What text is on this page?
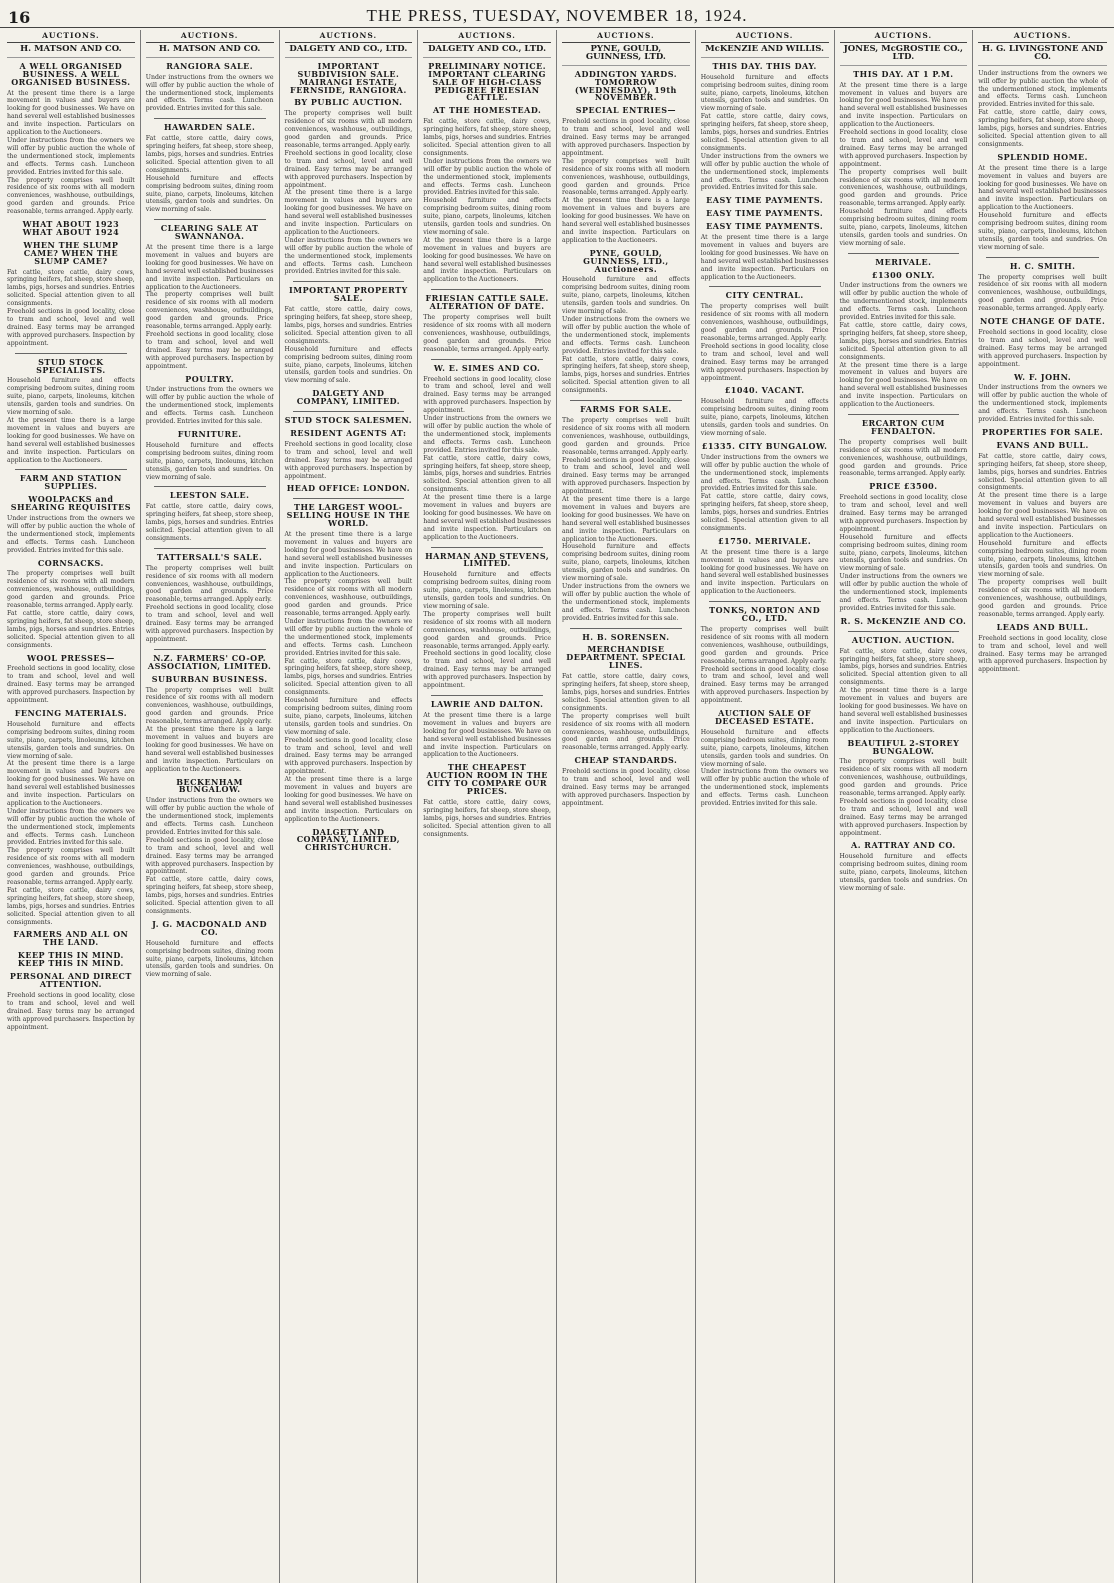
16	THE PRESS, TUESDAY, NOVEMBER 18, 1924.
AUCTIONS.
H. MATSON AND CO.
A WELL ORGANISED BUSINESS. A WELL ORGANISED BUSINESS.
At the present time there is a large movement in values and buyers are looking for good businesses. We have on hand several well established businesses and invite inspection. Particulars on application to the Auctioneers.
Under instructions from the owners we will offer by public auction the whole of the undermentioned stock, implements and effects. Terms cash. Luncheon provided. Entries invited for this sale.
The property comprises well built residence of six rooms with all modern conveniences, washhouse, outbuildings, good garden and grounds. Price reasonable, terms arranged. Apply early.
WHAT ABOUT 1923 WHAT ABOUT 1924
WHEN THE SLUMP CAME? WHEN THE SLUMP CAME?
Fat cattle, store cattle, dairy cows, springing heifers, fat sheep, store sheep, lambs, pigs, horses and sundries. Entries solicited. Special attention given to all consignments.
Freehold sections in good locality, close to tram and school, level and well drained. Easy terms may be arranged with approved purchasers. Inspection by appointment.
STUD STOCK SPECIALISTS.
Household furniture and effects comprising bedroom suites, dining room suite, piano, carpets, linoleums, kitchen utensils, garden tools and sundries. On view morning of sale.
At the present time there is a large movement in values and buyers are looking for good businesses. We have on hand several well established businesses and invite inspection. Particulars on application to the Auctioneers.
FARM AND STATION SUPPLIES.
WOOLPACKS and SHEARING REQUISITES
Under instructions from the owners we will offer by public auction the whole of the undermentioned stock, implements and effects. Terms cash. Luncheon provided. Entries invited for this sale.
CORNSACKS.
The property comprises well built residence of six rooms with all modern conveniences, washhouse, outbuildings, good garden and grounds. Price reasonable, terms arranged. Apply early.
Fat cattle, store cattle, dairy cows, springing heifers, fat sheep, store sheep, lambs, pigs, horses and sundries. Entries solicited. Special attention given to all consignments.
WOOL PRESSES—
Freehold sections in good locality, close to tram and school, level and well drained. Easy terms may be arranged with approved purchasers. Inspection by appointment.
FENCING MATERIALS.
Household furniture and effects comprising bedroom suites, dining room suite, piano, carpets, linoleums, kitchen utensils, garden tools and sundries. On view morning of sale.
At the present time there is a large movement in values and buyers are looking for good businesses. We have on hand several well established businesses and invite inspection. Particulars on application to the Auctioneers.
Under instructions from the owners we will offer by public auction the whole of the undermentioned stock, implements and effects. Terms cash. Luncheon provided. Entries invited for this sale.
The property comprises well built residence of six rooms with all modern conveniences, washhouse, outbuildings, good garden and grounds. Price reasonable, terms arranged. Apply early.
Fat cattle, store cattle, dairy cows, springing heifers, fat sheep, store sheep, lambs, pigs, horses and sundries. Entries solicited. Special attention given to all consignments.
FARMERS AND ALL ON THE LAND.
KEEP THIS IN MIND. KEEP THIS IN MIND.
PERSONAL AND DIRECT ATTENTION.
Freehold sections in good locality, close to tram and school, level and well drained. Easy terms may be arranged with approved purchasers. Inspection by appointment.
AUCTIONS.
H. MATSON AND CO.
RANGIORA SALE.
Under instructions from the owners we will offer by public auction the whole of the undermentioned stock, implements and effects. Terms cash. Luncheon provided. Entries invited for this sale.
HAWARDEN SALE.
Fat cattle, store cattle, dairy cows, springing heifers, fat sheep, store sheep, lambs, pigs, horses and sundries. Entries solicited. Special attention given to all consignments.
Household furniture and effects comprising bedroom suites, dining room suite, piano, carpets, linoleums, kitchen utensils, garden tools and sundries. On view morning of sale.
CLEARING SALE AT SWANNANOA.
At the present time there is a large movement in values and buyers are looking for good businesses. We have on hand several well established businesses and invite inspection. Particulars on application to the Auctioneers.
The property comprises well built residence of six rooms with all modern conveniences, washhouse, outbuildings, good garden and grounds. Price reasonable, terms arranged. Apply early.
Freehold sections in good locality, close to tram and school, level and well drained. Easy terms may be arranged with approved purchasers. Inspection by appointment.
POULTRY.
Under instructions from the owners we will offer by public auction the whole of the undermentioned stock, implements and effects. Terms cash. Luncheon provided. Entries invited for this sale.
FURNITURE.
Household furniture and effects comprising bedroom suites, dining room suite, piano, carpets, linoleums, kitchen utensils, garden tools and sundries. On view morning of sale.
LEESTON SALE.
Fat cattle, store cattle, dairy cows, springing heifers, fat sheep, store sheep, lambs, pigs, horses and sundries. Entries solicited. Special attention given to all consignments.
TATTERSALL'S SALE.
The property comprises well built residence of six rooms with all modern conveniences, washhouse, outbuildings, good garden and grounds. Price reasonable, terms arranged. Apply early.
Freehold sections in good locality, close to tram and school, level and well drained. Easy terms may be arranged with approved purchasers. Inspection by appointment.
N.Z. FARMERS' CO-OP. ASSOCIATION, LIMITED.
SUBURBAN BUSINESS.
The property comprises well built residence of six rooms with all modern conveniences, washhouse, outbuildings, good garden and grounds. Price reasonable, terms arranged. Apply early.
At the present time there is a large movement in values and buyers are looking for good businesses. We have on hand several well established businesses and invite inspection. Particulars on application to the Auctioneers.
BECKENHAM BUNGALOW.
Under instructions from the owners we will offer by public auction the whole of the undermentioned stock, implements and effects. Terms cash. Luncheon provided. Entries invited for this sale.
Freehold sections in good locality, close to tram and school, level and well drained. Easy terms may be arranged with approved purchasers. Inspection by appointment.
Fat cattle, store cattle, dairy cows, springing heifers, fat sheep, store sheep, lambs, pigs, horses and sundries. Entries solicited. Special attention given to all consignments.
J. G. MACDONALD AND CO.
Household furniture and effects comprising bedroom suites, dining room suite, piano, carpets, linoleums, kitchen utensils, garden tools and sundries. On view morning of sale.
AUCTIONS.
DALGETY AND CO., LTD.
IMPORTANT SUBDIVISION SALE. MAIRANGI ESTATE, FERNSIDE, RANGIORA.
BY PUBLIC AUCTION.
The property comprises well built residence of six rooms with all modern conveniences, washhouse, outbuildings, good garden and grounds. Price reasonable, terms arranged. Apply early.
Freehold sections in good locality, close to tram and school, level and well drained. Easy terms may be arranged with approved purchasers. Inspection by appointment.
At the present time there is a large movement in values and buyers are looking for good businesses. We have on hand several well established businesses and invite inspection. Particulars on application to the Auctioneers.
Under instructions from the owners we will offer by public auction the whole of the undermentioned stock, implements and effects. Terms cash. Luncheon provided. Entries invited for this sale.
IMPORTANT PROPERTY SALE.
Fat cattle, store cattle, dairy cows, springing heifers, fat sheep, store sheep, lambs, pigs, horses and sundries. Entries solicited. Special attention given to all consignments.
Household furniture and effects comprising bedroom suites, dining room suite, piano, carpets, linoleums, kitchen utensils, garden tools and sundries. On view morning of sale.
DALGETY AND COMPANY, LIMITED.
STUD STOCK SALESMEN.
RESIDENT AGENTS AT:
Freehold sections in good locality, close to tram and school, level and well drained. Easy terms may be arranged with approved purchasers. Inspection by appointment.
HEAD OFFICE: LONDON.
THE LARGEST WOOL-SELLING HOUSE IN THE WORLD.
At the present time there is a large movement in values and buyers are looking for good businesses. We have on hand several well established businesses and invite inspection. Particulars on application to the Auctioneers.
The property comprises well built residence of six rooms with all modern conveniences, washhouse, outbuildings, good garden and grounds. Price reasonable, terms arranged. Apply early.
Under instructions from the owners we will offer by public auction the whole of the undermentioned stock, implements and effects. Terms cash. Luncheon provided. Entries invited for this sale.
Fat cattle, store cattle, dairy cows, springing heifers, fat sheep, store sheep, lambs, pigs, horses and sundries. Entries solicited. Special attention given to all consignments.
Household furniture and effects comprising bedroom suites, dining room suite, piano, carpets, linoleums, kitchen utensils, garden tools and sundries. On view morning of sale.
Freehold sections in good locality, close to tram and school, level and well drained. Easy terms may be arranged with approved purchasers. Inspection by appointment.
At the present time there is a large movement in values and buyers are looking for good businesses. We have on hand several well established businesses and invite inspection. Particulars on application to the Auctioneers.
DALGETY AND COMPANY, LIMITED, CHRISTCHURCH.
AUCTIONS.
DALGETY AND CO., LTD.
PRELIMINARY NOTICE. IMPORTANT CLEARING SALE OF HIGH-CLASS PEDIGREE FRIESIAN CATTLE.
AT THE HOMESTEAD.
Fat cattle, store cattle, dairy cows, springing heifers, fat sheep, store sheep, lambs, pigs, horses and sundries. Entries solicited. Special attention given to all consignments.
Under instructions from the owners we will offer by public auction the whole of the undermentioned stock, implements and effects. Terms cash. Luncheon provided. Entries invited for this sale.
Household furniture and effects comprising bedroom suites, dining room suite, piano, carpets, linoleums, kitchen utensils, garden tools and sundries. On view morning of sale.
At the present time there is a large movement in values and buyers are looking for good businesses. We have on hand several well established businesses and invite inspection. Particulars on application to the Auctioneers.
FRIESIAN CATTLE SALE. ALTERATION OF DATE.
The property comprises well built residence of six rooms with all modern conveniences, washhouse, outbuildings, good garden and grounds. Price reasonable, terms arranged. Apply early.
W. E. SIMES AND CO.
Freehold sections in good locality, close to tram and school, level and well drained. Easy terms may be arranged with approved purchasers. Inspection by appointment.
Under instructions from the owners we will offer by public auction the whole of the undermentioned stock, implements and effects. Terms cash. Luncheon provided. Entries invited for this sale.
Fat cattle, store cattle, dairy cows, springing heifers, fat sheep, store sheep, lambs, pigs, horses and sundries. Entries solicited. Special attention given to all consignments.
At the present time there is a large movement in values and buyers are looking for good businesses. We have on hand several well established businesses and invite inspection. Particulars on application to the Auctioneers.
HARMAN AND STEVENS, LIMITED.
Household furniture and effects comprising bedroom suites, dining room suite, piano, carpets, linoleums, kitchen utensils, garden tools and sundries. On view morning of sale.
The property comprises well built residence of six rooms with all modern conveniences, washhouse, outbuildings, good garden and grounds. Price reasonable, terms arranged. Apply early.
Freehold sections in good locality, close to tram and school, level and well drained. Easy terms may be arranged with approved purchasers. Inspection by appointment.
LAWRIE AND DALTON.
At the present time there is a large movement in values and buyers are looking for good businesses. We have on hand several well established businesses and invite inspection. Particulars on application to the Auctioneers.
THE CHEAPEST AUCTION ROOM IN THE CITY TO COMPARE OUR PRICES.
Fat cattle, store cattle, dairy cows, springing heifers, fat sheep, store sheep, lambs, pigs, horses and sundries. Entries solicited. Special attention given to all consignments.
AUCTIONS.
PYNE, GOULD, GUINNESS, LTD.
ADDINGTON YARDS. TOMORROW (WEDNESDAY), 19th NOVEMBER.
SPECIAL ENTRIES—
Freehold sections in good locality, close to tram and school, level and well drained. Easy terms may be arranged with approved purchasers. Inspection by appointment.
The property comprises well built residence of six rooms with all modern conveniences, washhouse, outbuildings, good garden and grounds. Price reasonable, terms arranged. Apply early.
At the present time there is a large movement in values and buyers are looking for good businesses. We have on hand several well established businesses and invite inspection. Particulars on application to the Auctioneers.
PYNE, GOULD, GUINNESS, LTD., Auctioneers.
Household furniture and effects comprising bedroom suites, dining room suite, piano, carpets, linoleums, kitchen utensils, garden tools and sundries. On view morning of sale.
Under instructions from the owners we will offer by public auction the whole of the undermentioned stock, implements and effects. Terms cash. Luncheon provided. Entries invited for this sale.
Fat cattle, store cattle, dairy cows, springing heifers, fat sheep, store sheep, lambs, pigs, horses and sundries. Entries solicited. Special attention given to all consignments.
FARMS FOR SALE.
The property comprises well built residence of six rooms with all modern conveniences, washhouse, outbuildings, good garden and grounds. Price reasonable, terms arranged. Apply early.
Freehold sections in good locality, close to tram and school, level and well drained. Easy terms may be arranged with approved purchasers. Inspection by appointment.
At the present time there is a large movement in values and buyers are looking for good businesses. We have on hand several well established businesses and invite inspection. Particulars on application to the Auctioneers.
Household furniture and effects comprising bedroom suites, dining room suite, piano, carpets, linoleums, kitchen utensils, garden tools and sundries. On view morning of sale.
Under instructions from the owners we will offer by public auction the whole of the undermentioned stock, implements and effects. Terms cash. Luncheon provided. Entries invited for this sale.
H. B. SORENSEN.
MERCHANDISE DEPARTMENT. SPECIAL LINES.
Fat cattle, store cattle, dairy cows, springing heifers, fat sheep, store sheep, lambs, pigs, horses and sundries. Entries solicited. Special attention given to all consignments.
The property comprises well built residence of six rooms with all modern conveniences, washhouse, outbuildings, good garden and grounds. Price reasonable, terms arranged. Apply early.
CHEAP STANDARDS.
Freehold sections in good locality, close to tram and school, level and well drained. Easy terms may be arranged with approved purchasers. Inspection by appointment.
AUCTIONS.
McKENZIE AND WILLIS.
THIS DAY. THIS DAY.
Household furniture and effects comprising bedroom suites, dining room suite, piano, carpets, linoleums, kitchen utensils, garden tools and sundries. On view morning of sale.
Fat cattle, store cattle, dairy cows, springing heifers, fat sheep, store sheep, lambs, pigs, horses and sundries. Entries solicited. Special attention given to all consignments.
Under instructions from the owners we will offer by public auction the whole of the undermentioned stock, implements and effects. Terms cash. Luncheon provided. Entries invited for this sale.
EASY TIME PAYMENTS.
EASY TIME PAYMENTS.
EASY TIME PAYMENTS.
At the present time there is a large movement in values and buyers are looking for good businesses. We have on hand several well established businesses and invite inspection. Particulars on application to the Auctioneers.
CITY CENTRAL.
The property comprises well built residence of six rooms with all modern conveniences, washhouse, outbuildings, good garden and grounds. Price reasonable, terms arranged. Apply early.
Freehold sections in good locality, close to tram and school, level and well drained. Easy terms may be arranged with approved purchasers. Inspection by appointment.
£1040. VACANT.
Household furniture and effects comprising bedroom suites, dining room suite, piano, carpets, linoleums, kitchen utensils, garden tools and sundries. On view morning of sale.
£1335. CITY BUNGALOW.
Under instructions from the owners we will offer by public auction the whole of the undermentioned stock, implements and effects. Terms cash. Luncheon provided. Entries invited for this sale.
Fat cattle, store cattle, dairy cows, springing heifers, fat sheep, store sheep, lambs, pigs, horses and sundries. Entries solicited. Special attention given to all consignments.
£1750. MERIVALE.
At the present time there is a large movement in values and buyers are looking for good businesses. We have on hand several well established businesses and invite inspection. Particulars on application to the Auctioneers.
TONKS, NORTON AND CO., LTD.
The property comprises well built residence of six rooms with all modern conveniences, washhouse, outbuildings, good garden and grounds. Price reasonable, terms arranged. Apply early.
Freehold sections in good locality, close to tram and school, level and well drained. Easy terms may be arranged with approved purchasers. Inspection by appointment.
AUCTION SALE OF DECEASED ESTATE.
Household furniture and effects comprising bedroom suites, dining room suite, piano, carpets, linoleums, kitchen utensils, garden tools and sundries. On view morning of sale.
Under instructions from the owners we will offer by public auction the whole of the undermentioned stock, implements and effects. Terms cash. Luncheon provided. Entries invited for this sale.
AUCTIONS.
JONES, McGROSTIE CO., LTD.
THIS DAY. AT 1 P.M.
At the present time there is a large movement in values and buyers are looking for good businesses. We have on hand several well established businesses and invite inspection. Particulars on application to the Auctioneers.
Freehold sections in good locality, close to tram and school, level and well drained. Easy terms may be arranged with approved purchasers. Inspection by appointment.
The property comprises well built residence of six rooms with all modern conveniences, washhouse, outbuildings, good garden and grounds. Price reasonable, terms arranged. Apply early.
Household furniture and effects comprising bedroom suites, dining room suite, piano, carpets, linoleums, kitchen utensils, garden tools and sundries. On view morning of sale.
MERIVALE.
£1300 ONLY.
Under instructions from the owners we will offer by public auction the whole of the undermentioned stock, implements and effects. Terms cash. Luncheon provided. Entries invited for this sale.
Fat cattle, store cattle, dairy cows, springing heifers, fat sheep, store sheep, lambs, pigs, horses and sundries. Entries solicited. Special attention given to all consignments.
At the present time there is a large movement in values and buyers are looking for good businesses. We have on hand several well established businesses and invite inspection. Particulars on application to the Auctioneers.
ERCARTON CUM FENDALTON.
The property comprises well built residence of six rooms with all modern conveniences, washhouse, outbuildings, good garden and grounds. Price reasonable, terms arranged. Apply early.
PRICE £3500.
Freehold sections in good locality, close to tram and school, level and well drained. Easy terms may be arranged with approved purchasers. Inspection by appointment.
Household furniture and effects comprising bedroom suites, dining room suite, piano, carpets, linoleums, kitchen utensils, garden tools and sundries. On view morning of sale.
Under instructions from the owners we will offer by public auction the whole of the undermentioned stock, implements and effects. Terms cash. Luncheon provided. Entries invited for this sale.
R. S. McKENZIE AND CO.
AUCTION. AUCTION.
Fat cattle, store cattle, dairy cows, springing heifers, fat sheep, store sheep, lambs, pigs, horses and sundries. Entries solicited. Special attention given to all consignments.
At the present time there is a large movement in values and buyers are looking for good businesses. We have on hand several well established businesses and invite inspection. Particulars on application to the Auctioneers.
BEAUTIFUL 2-STOREY BUNGALOW.
The property comprises well built residence of six rooms with all modern conveniences, washhouse, outbuildings, good garden and grounds. Price reasonable, terms arranged. Apply early.
Freehold sections in good locality, close to tram and school, level and well drained. Easy terms may be arranged with approved purchasers. Inspection by appointment.
A. RATTRAY AND CO.
Household furniture and effects comprising bedroom suites, dining room suite, piano, carpets, linoleums, kitchen utensils, garden tools and sundries. On view morning of sale.
AUCTIONS.
H. G. LIVINGSTONE AND CO.
Under instructions from the owners we will offer by public auction the whole of the undermentioned stock, implements and effects. Terms cash. Luncheon provided. Entries invited for this sale.
Fat cattle, store cattle, dairy cows, springing heifers, fat sheep, store sheep, lambs, pigs, horses and sundries. Entries solicited. Special attention given to all consignments.
SPLENDID HOME.
At the present time there is a large movement in values and buyers are looking for good businesses. We have on hand several well established businesses and invite inspection. Particulars on application to the Auctioneers.
Household furniture and effects comprising bedroom suites, dining room suite, piano, carpets, linoleums, kitchen utensils, garden tools and sundries. On view morning of sale.
H. C. SMITH.
The property comprises well built residence of six rooms with all modern conveniences, washhouse, outbuildings, good garden and grounds. Price reasonable, terms arranged. Apply early.
NOTE CHANGE OF DATE.
Freehold sections in good locality, close to tram and school, level and well drained. Easy terms may be arranged with approved purchasers. Inspection by appointment.
W. F. JOHN.
Under instructions from the owners we will offer by public auction the whole of the undermentioned stock, implements and effects. Terms cash. Luncheon provided. Entries invited for this sale.
PROPERTIES FOR SALE.
EVANS AND BULL.
Fat cattle, store cattle, dairy cows, springing heifers, fat sheep, store sheep, lambs, pigs, horses and sundries. Entries solicited. Special attention given to all consignments.
At the present time there is a large movement in values and buyers are looking for good businesses. We have on hand several well established businesses and invite inspection. Particulars on application to the Auctioneers.
Household furniture and effects comprising bedroom suites, dining room suite, piano, carpets, linoleums, kitchen utensils, garden tools and sundries. On view morning of sale.
The property comprises well built residence of six rooms with all modern conveniences, washhouse, outbuildings, good garden and grounds. Price reasonable, terms arranged. Apply early.
LEADS AND BULL.
Freehold sections in good locality, close to tram and school, level and well drained. Easy terms may be arranged with approved purchasers. Inspection by appointment.
